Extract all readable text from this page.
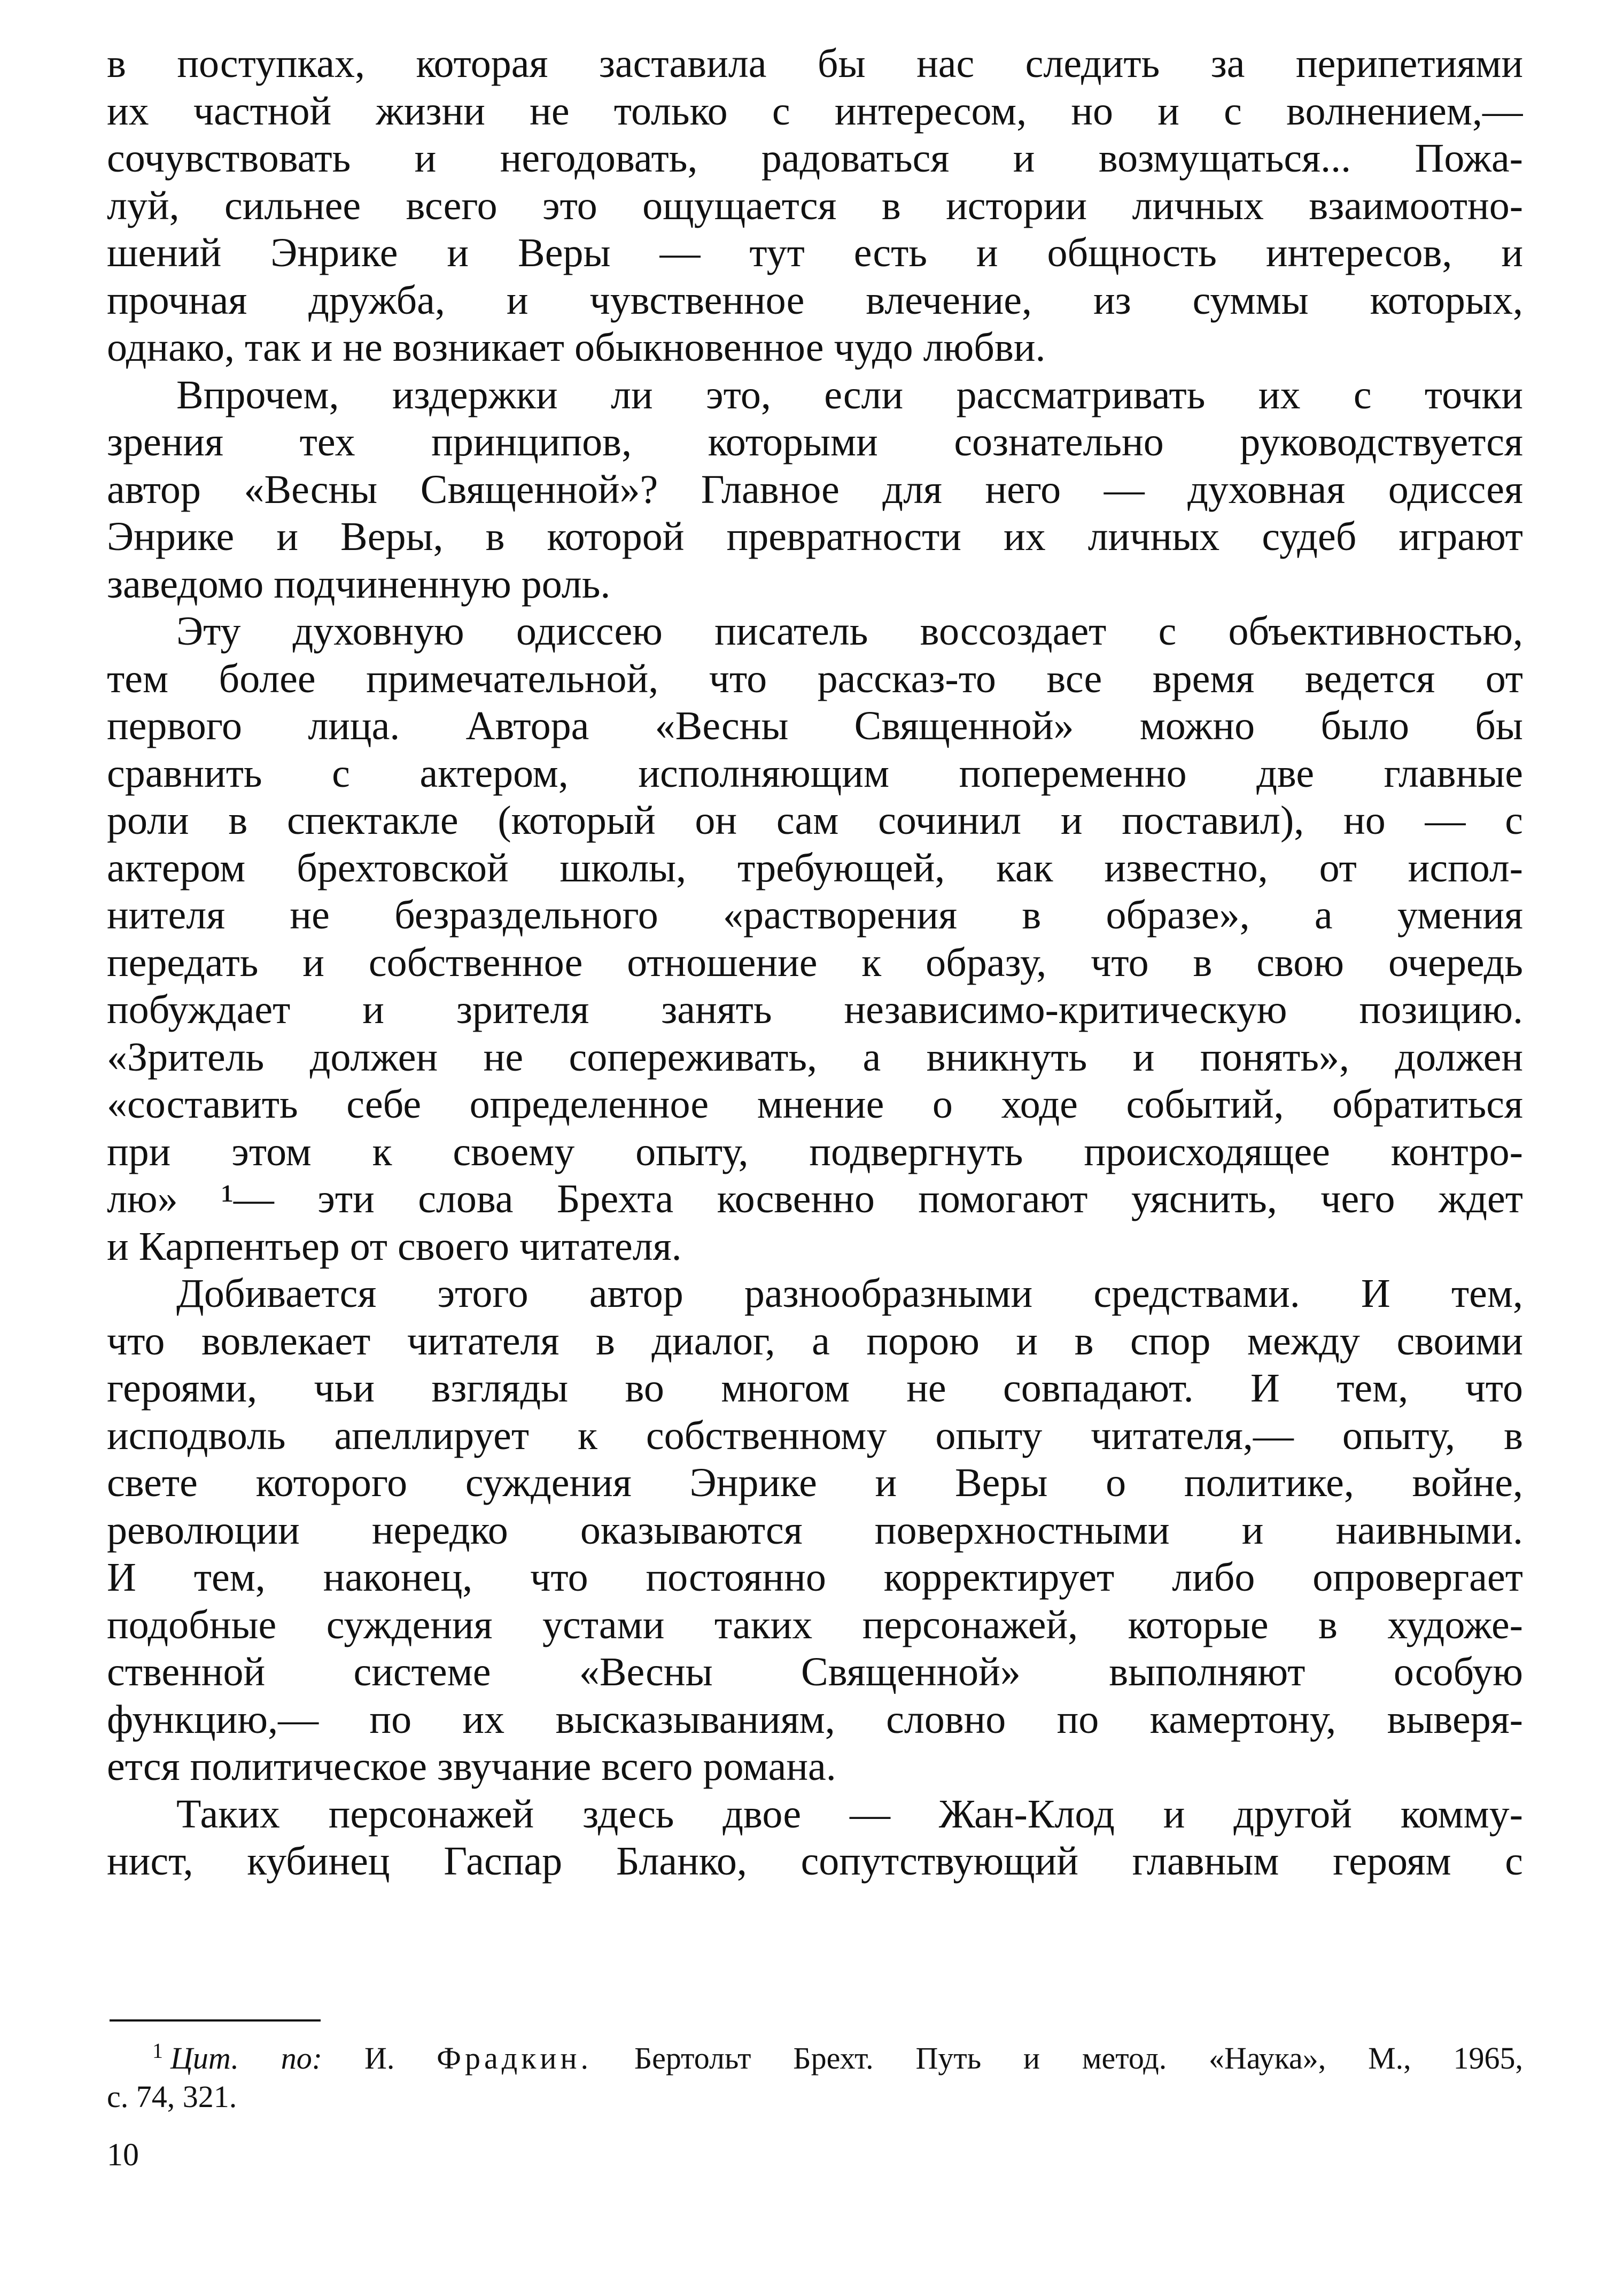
в поступках, которая заставила бы нас следить за перипетиями
их частной жизни не только с интересом, но и с волнением,—
сочувствовать и негодовать, радоваться и возмущаться... Пожа-
луй, сильнее всего это ощущается в истории личных взаимоотно-
шений Энрике и Веры — тут есть и общность интересов, и
прочная дружба, и чувственное влечение, из суммы которых,
однако, так и не возникает обыкновенное чудо любви.
Впрочем, издержки ли это, если рассматривать их с точки
зрения тех принципов, которыми сознательно руководствуется
автор «Весны Священной»? Главное для него — духовная одиссея
Энрике и Веры, в которой превратности их личных судеб играют
заведомо подчиненную роль.
Эту духовную одиссею писатель воссоздает с объективностью,
тем более примечательной, что рассказ-то все время ведется от
первого лица. Автора «Весны Священной» можно было бы
сравнить с актером, исполняющим попеременно две главные
роли в спектакле (который он сам сочинил и поставил), но — с
актером брехтовской школы, требующей, как известно, от испол-
нителя не безраздельного «растворения в образе», а умения
передать и собственное отношение к образу, что в свою очередь
побуждает и зрителя занять независимо-критическую позицию.
«Зритель должен не сопереживать, а вникнуть и понять», должен
«составить себе определенное мнение о ходе событий, обратиться
при этом к своему опыту, подвергнуть происходящее контро-
лю» ¹— эти слова Брехта косвенно помогают уяснить, чего ждет
и Карпентьер от своего читателя.
Добивается этого автор разнообразными средствами. И тем,
что вовлекает читателя в диалог, а порою и в спор между своими
героями, чьи взгляды во многом не совпадают. И тем, что
исподволь апеллирует к собственному опыту читателя,— опыту, в
свете которого суждения Энрике и Веры о политике, войне,
революции нередко оказываются поверхностными и наивными.
И тем, наконец, что постоянно корректирует либо опровергает
подобные суждения устами таких персонажей, которые в художе-
ственной системе «Весны Священной» выполняют особую
функцию,— по их высказываниям, словно по камертону, выверя-
ется политическое звучание всего романа.
Таких персонажей здесь двое — Жан-Клод и другой комму-
нист, кубинец Гаспар Бланко, сопутствующий главным героям с
$^1$ Цит. по: И. Фрадкин. Бертольт Брехт. Путь и метод. «Наука», М., 1965,
с. 74, 321.
10
